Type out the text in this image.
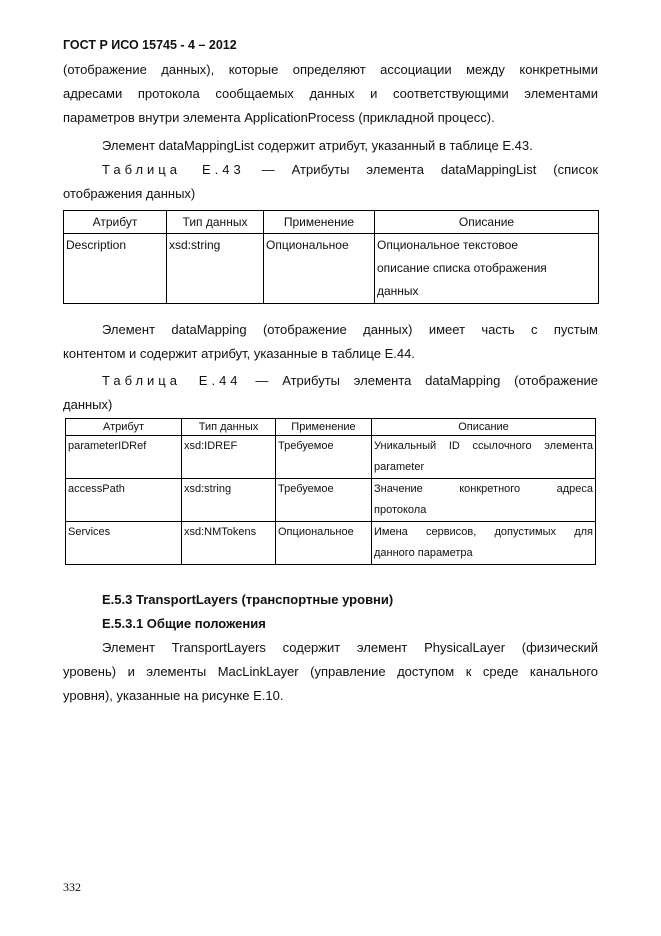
ГОСТ Р ИСО 15745 - 4 – 2012
(отображение данных), которые определяют ассоциации между конкретными
адресами протокола сообщаемых данных и соответствующими элементами
параметров внутри элемента ApplicationProcess (прикладной процесс).
Элемент dataMappingList содержит атрибут, указанный в таблице Е.43.
Таблица Е.43 — Атрибуты элемента dataMappingList (список
отображения данных)
Атрибут	Тип данных	Применение	Описание
Description	xsd:string	Опциональное	Опциональное текстовое
описание списка отображения
данных
Элемент dataMapping (отображение данных) имеет часть с пустым
контентом и содержит атрибут, указанные в таблице Е.44.
Таблица Е.44 — Атрибуты элемента dataMapping (отображение
данных)
Атрибут	Тип данных	Применение	Описание
parameterIDRef	xsd:IDREF	Требуемое	Уникальный ID ссылочного элемента
parameter

accessPath	xsd:string	Требуемое	Значение конкретного адреса
протокола

Services	xsd:NMTokens	Опциональное	Имена сервисов, допустимых для
данного параметра
Е.5.3 TransportLayers (транспортные уровни)
Е.5.3.1 Общие положения
Элемент TransportLayers содержит элемент PhysicalLayer (физический
уровень) и элементы MacLinkLayer (управление доступом к среде канального
уровня), указанные на рисунке Е.10.
332
